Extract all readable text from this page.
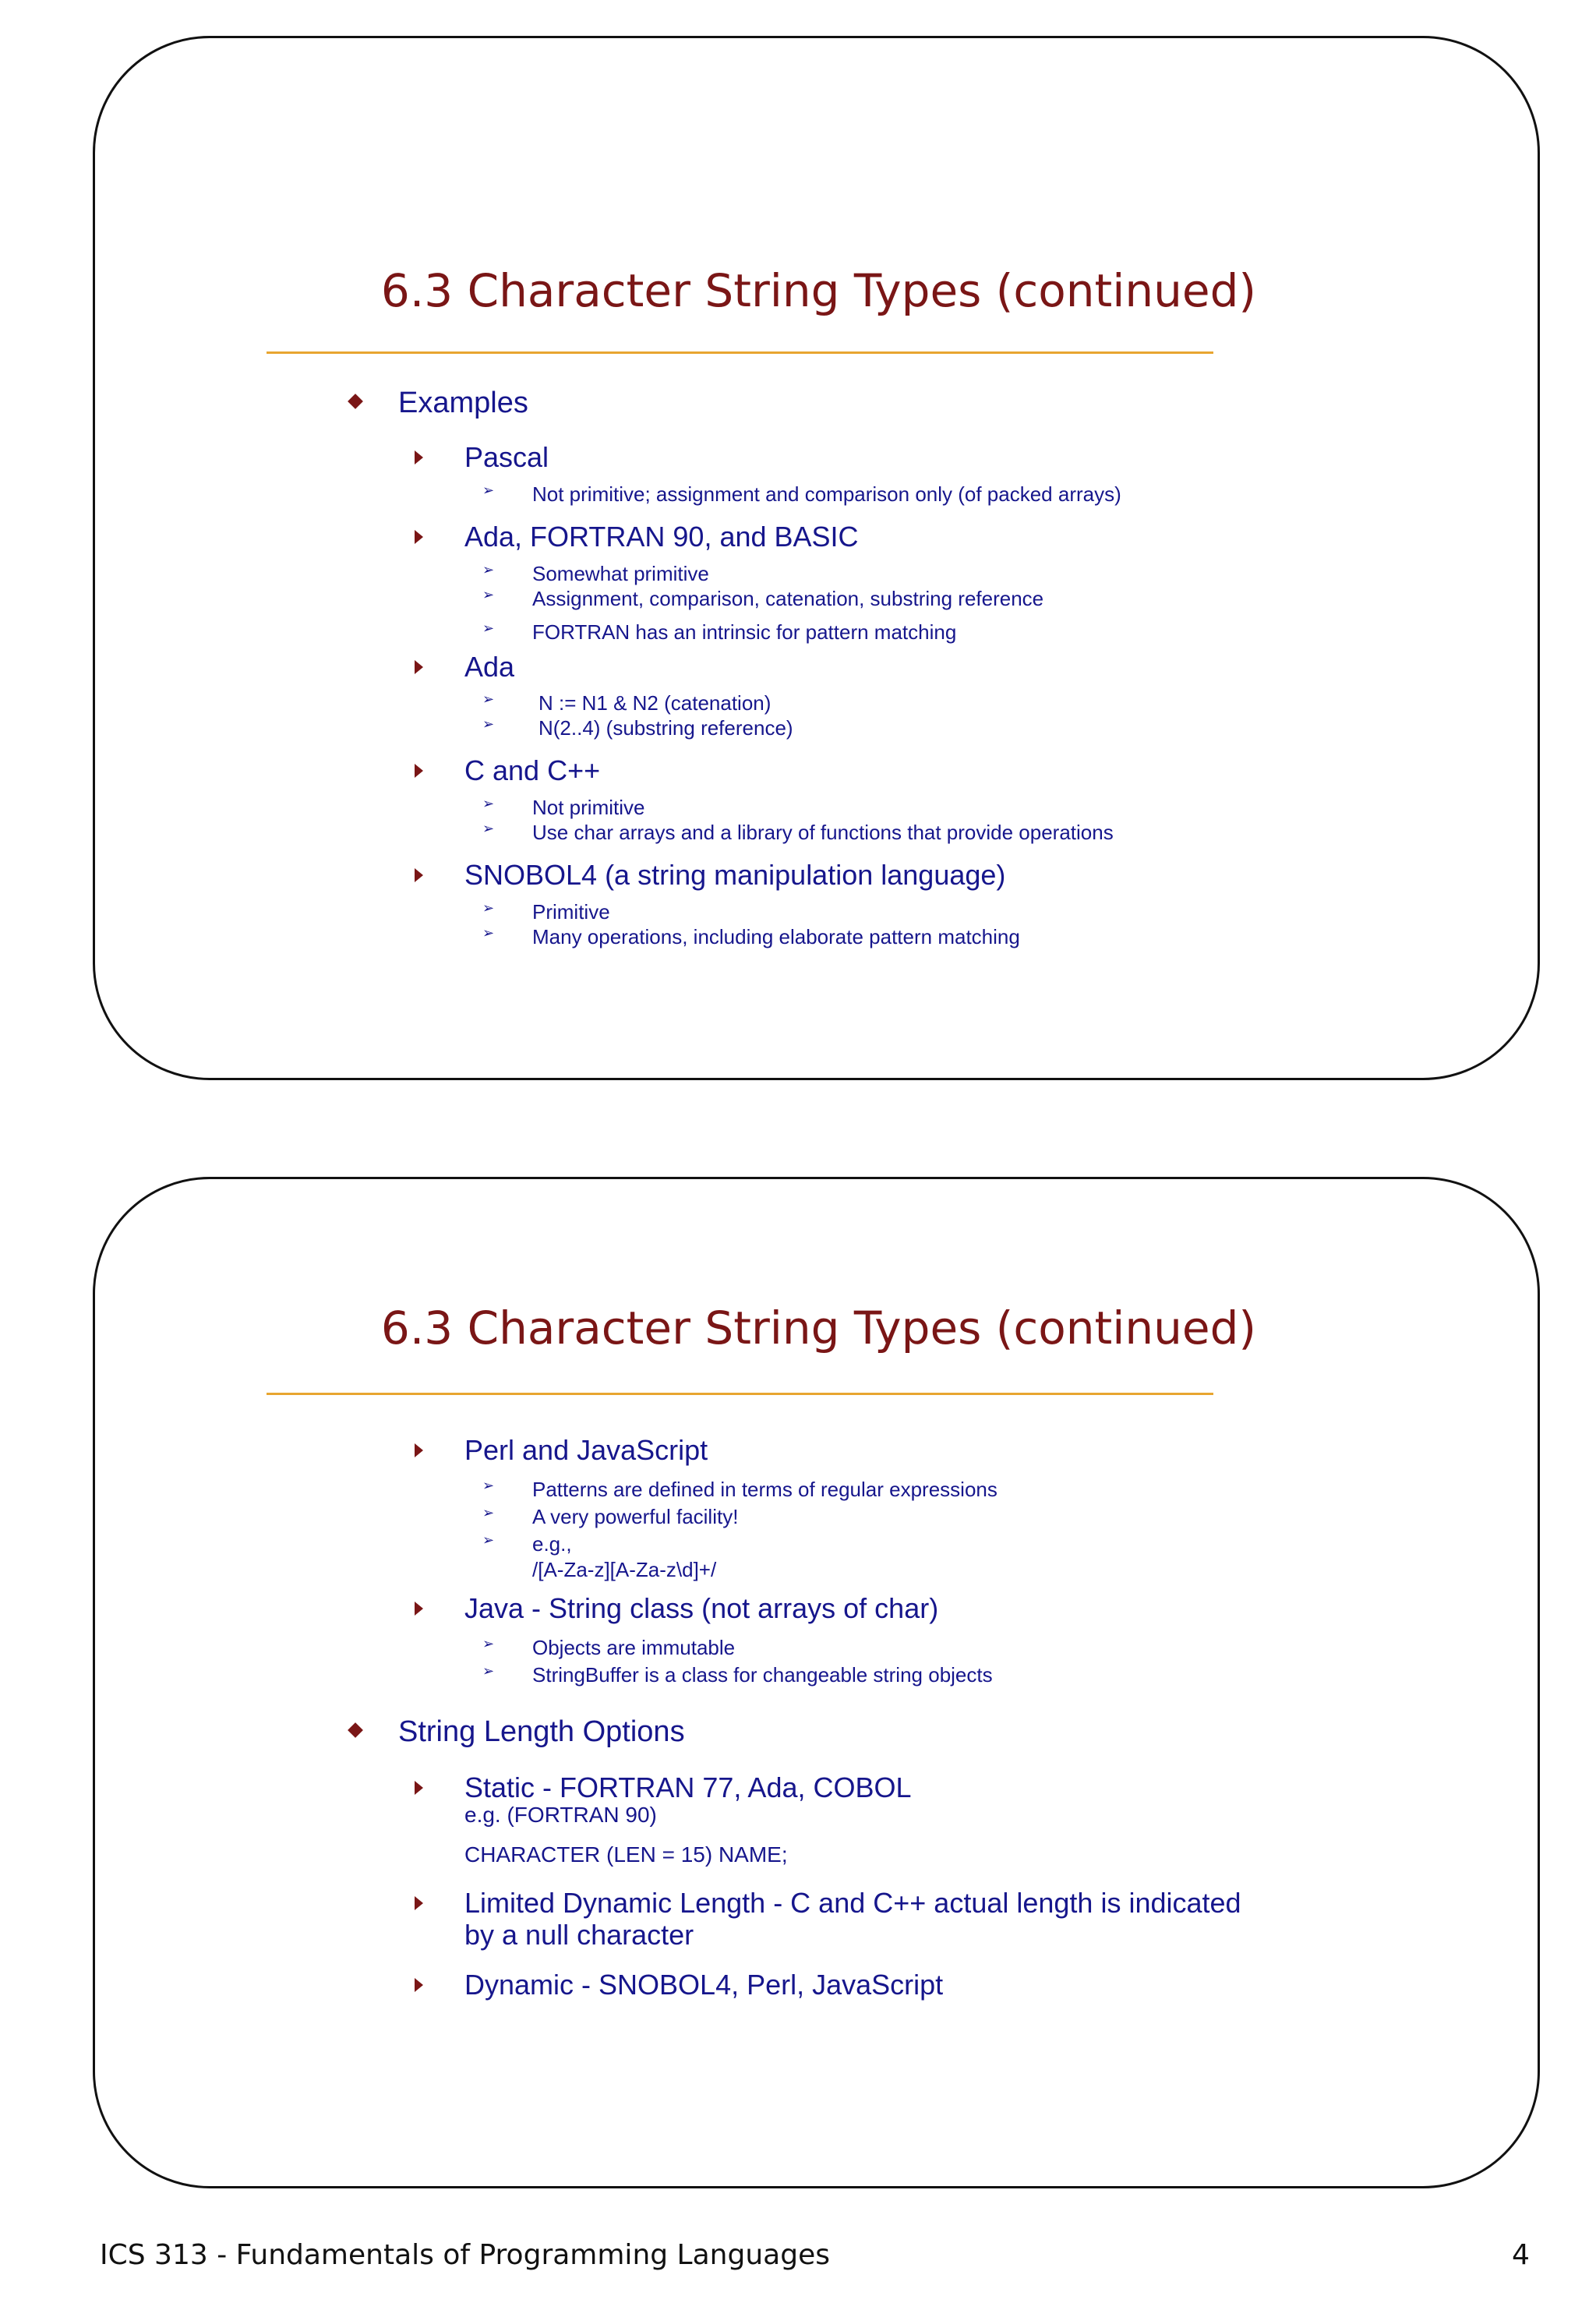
6.3 Character String Types (continued)
Examples
Pascal
➢ Not primitive; assignment and comparison only (of packed arrays)
Ada, FORTRAN 90, and BASIC
➢ Somewhat primitive
➢ Assignment, comparison, catenation, substring reference
➢ FORTRAN has an intrinsic for pattern matching
Ada
➢ N := N1 & N2 (catenation)
➢ N(2..4) (substring reference)
C and C++
➢ Not primitive
➢ Use char arrays and a library of functions that provide operations
SNOBOL4 (a string manipulation language)
➢ Primitive
➢ Many operations, including elaborate pattern matching
6.3 Character String Types (continued)
Perl and JavaScript
➢ Patterns are defined in terms of regular expressions
➢ A very powerful facility!
➢ e.g.,
/[A-Za-z][A-Za-z\d]+/
Java - String class (not arrays of char)
➢ Objects are immutable
➢ StringBuffer is a class for changeable string objects
String Length Options
Static - FORTRAN 77, Ada, COBOL
e.g. (FORTRAN 90)
CHARACTER (LEN = 15) NAME;
Limited Dynamic Length - C and C++ actual length is indicated
by a null character
Dynamic - SNOBOL4, Perl, JavaScript
ICS 313 - Fundamentals of Programming Languages	4
